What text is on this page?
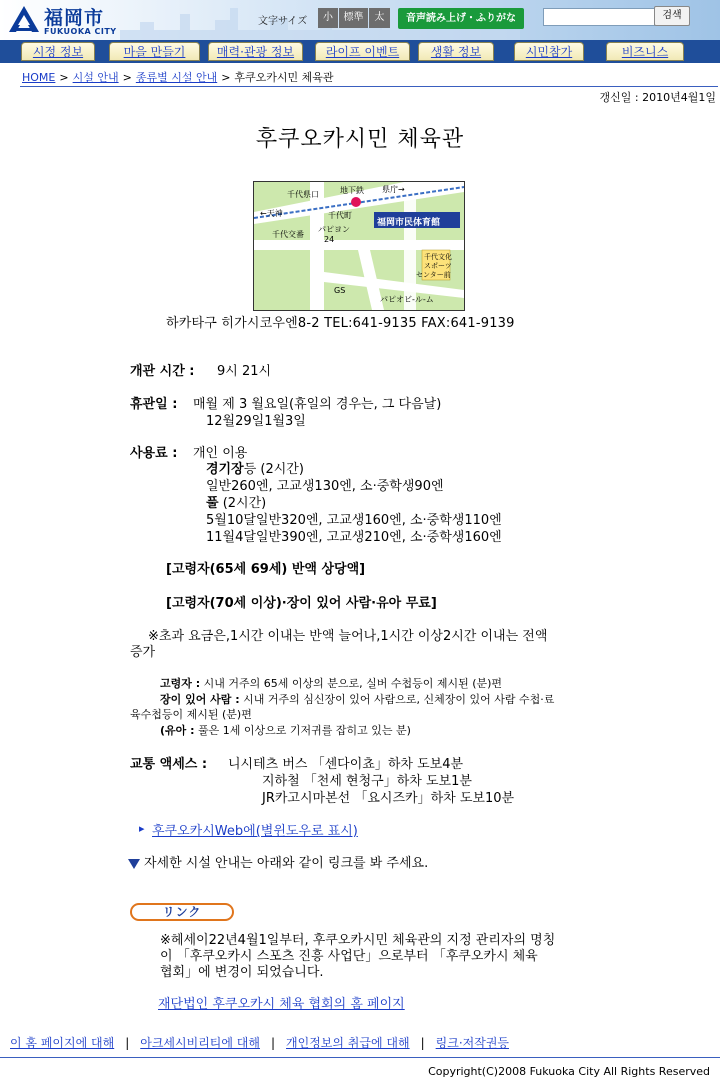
福岡市
FUKUOKA CITY
文字サイズ	小	標準	太	音声読み上げ・ふりがな	검색
시정 정보	마을 만들기	매력·관광 정보	라이프 이벤트	생활 정보	시민참가	비즈니스
HOME > 시설 안내 > 종류별 시설 안내 > 후쿠오카시민 체육관
갱신일 : 2010년4월1일
후쿠오카시민 체육관
千代県口	地下鉄 県庁→
←天神	千代町
千代交番
パピヨン
24
福岡市民体育館
千代文化
スポーツ
センター前
GS
パピオビ-ル-ム
하카타구 히가시코우엔8-2 TEL:641-9135 FAX:641-9139
개관 시간 : 9시 21시
휴관일 : 매월 제 3 월요일(휴일의 경우는, 그 다음날)
12월29일1월3일
사용료 : 개인 이용
경기장등 (2시간)
일반260엔, 고교생130엔, 소·중학생90엔
풀 (2시간)
5월10달일반320엔, 고교생160엔, 소·중학생110엔
11월4달일반390엔, 고교생210엔, 소·중학생160엔
[고령자(65세 69세) 반액 상당액]
[고령자(70세 이상)·장이 있어 사람·유아 무료]
※초과 요금은,1시간 이내는 반액 늘어나,1시간 이상2시간 이내는 전액
증가
고령자 : 시내 거주의 65세 이상의 분으로, 실버 수첩등이 제시된 (분)편
장이 있어 사람 : 시내 거주의 심신장이 있어 사람으로, 신체장이 있어 사람 수첩·료
육수첩등이 제시된 (분)편
(유아 : 풀은 1세 이상으로 기저귀를 잡히고 있는 분)
교통 액세스 : 니시테츠 버스 「센다이쵸」하차 도보4분
지하철 「천세 현청구」하차 도보1분
JR카고시마본선 「요시즈카」하차 도보10분
▸ 후쿠오카시Web에(별윈도우로 표시)
자세한 시설 안내는 아래와 같이 링크를 봐 주세요.
リンク
※헤세이22년4월1일부터, 후쿠오카시민 체육관의 지정 관리자의 명칭
이 「후쿠오카시 스포츠 진흥 사업단」으로부터 「후쿠오카시 체육
협회」에 변경이 되었습니다.
재단법인 후쿠오카시 체육 협회의 홈 페이지
이 홈 페이지에 대해 | 아크세시비리티에 대해 | 개인정보의 취급에 대해 | 링크·저작권등
Copyright(C)2008 Fukuoka City All Rights Reserved
